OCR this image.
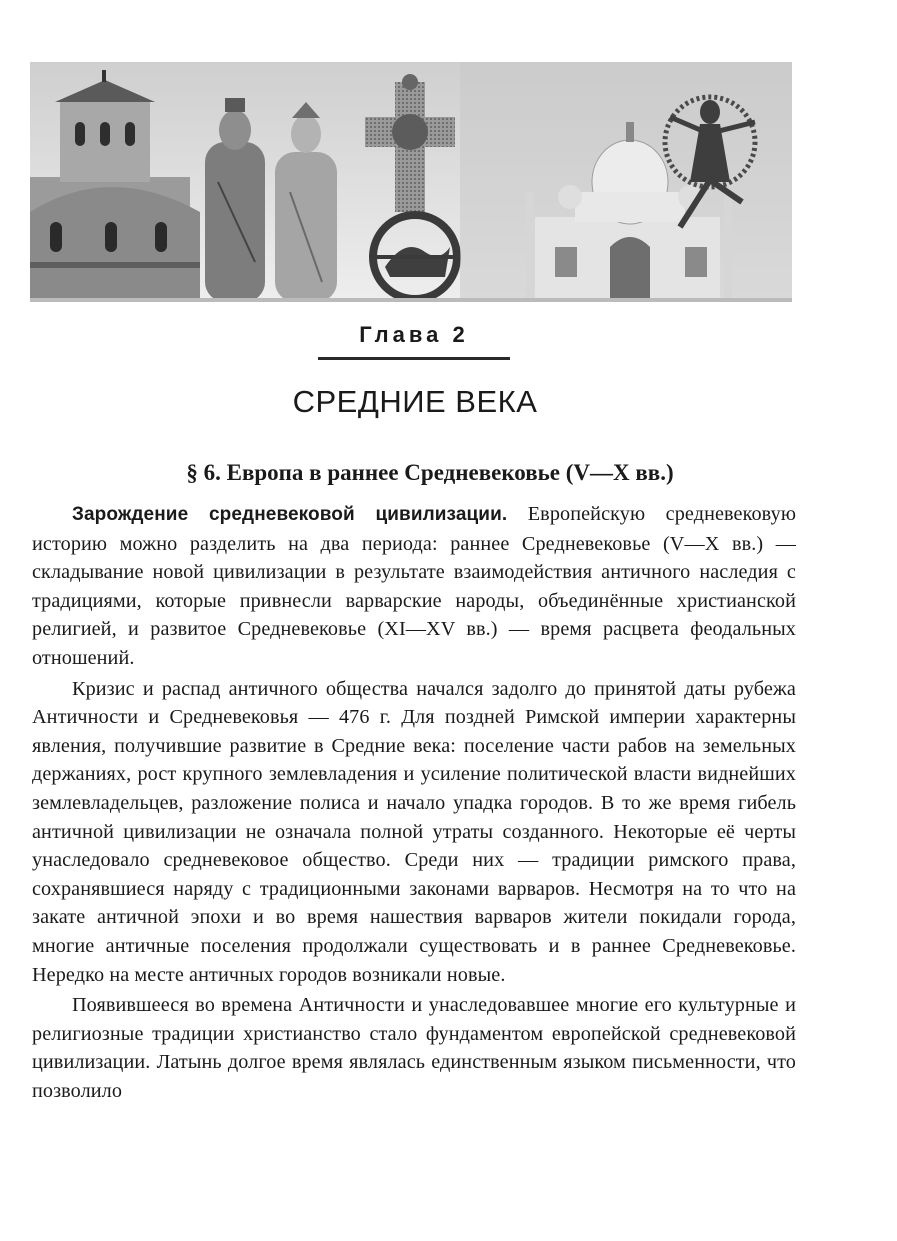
Глава 2
СРЕДНИЕ ВЕКА
§ 6. Европа в раннее Средневековье (V—X вв.)

Зарождение средневековой цивилизации. Европейскую средневековую историю можно разделить на два периода: раннее Средневековье (V—X вв.) — складывание новой цивилизации в результате взаимодействия античного наследия с традициями, которые привнесли варварские народы, объединённые христианской религией, и развитое Средневековье (XI—XV вв.) — время расцвета феодальных отношений.

Кризис и распад античного общества начался задолго до принятой даты рубежа Античности и Средневековья — 476 г. Для поздней Римской империи характерны явления, получившие развитие в Средние века: поселение части рабов на земельных держаниях, рост крупного землевладения и усиление политической власти виднейших землевладельцев, разложение полиса и начало упадка городов. В то же время гибель античной цивилизации не означала полной утраты созданного. Некоторые её черты унаследовало средневековое общество. Среди них — традиции римского права, сохранявшиеся наряду с традиционными законами варваров. Несмотря на то что на закате античной эпохи и во время нашествия варваров жители покидали города, многие античные поселения продолжали существовать и в раннее Средневековье. Нередко на месте античных городов возникали новые.

Появившееся во времена Античности и унаследовавшее многие его культурные и религиозные традиции христианство стало фундаментом европейской средневековой цивилизации. Латынь долгое время являлась единственным языком письменности, что позволило
